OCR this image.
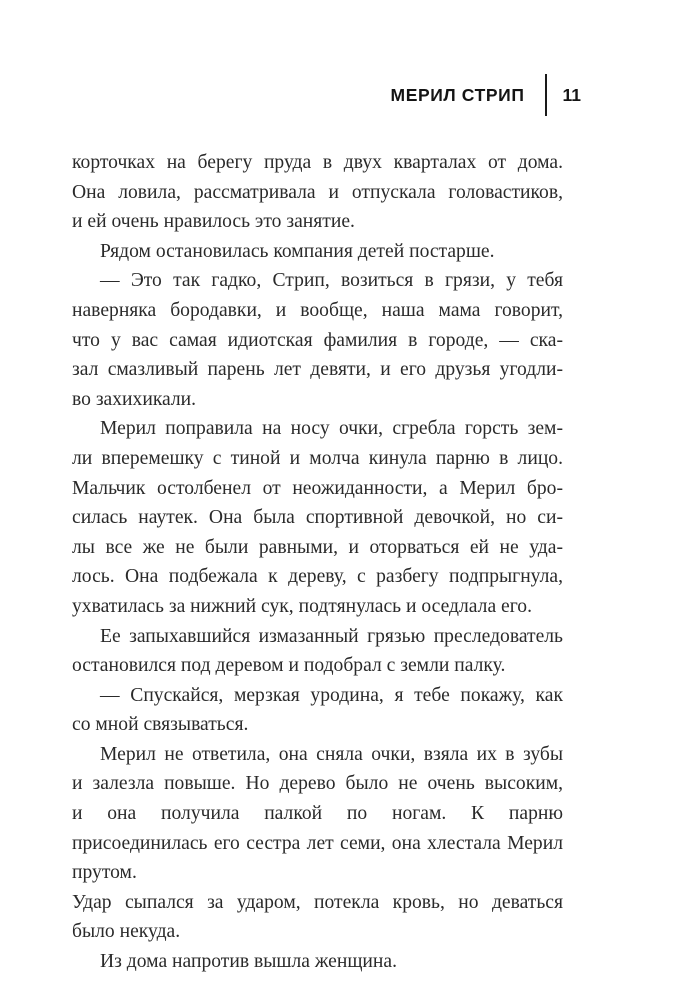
МЕРИЛ СТРИП 11
корточках на берегу пруда в двух кварталах от дома.
Она ловила, рассматривала и отпускала головастиков,
и ей очень нравилось это занятие.
Рядом остановилась компания детей постарше.
— Это так гадко, Стрип, возиться в грязи, у тебя
наверняка бородавки, и вообще, наша мама говорит,
что у вас самая идиотская фамилия в городе, — ска-
зал смазливый парень лет девяти, и его друзья угодли-
во захихикали.
Мерил поправила на носу очки, сгребла горсть зем-
ли вперемешку с тиной и молча кинула парню в лицо.
Мальчик остолбенел от неожиданности, а Мерил бро-
силась наутек. Она была спортивной девочкой, но си-
лы все же не были равными, и оторваться ей не уда-
лось. Она подбежала к дереву, с разбегу подпрыгнула,
ухватилась за нижний сук, подтянулась и оседлала его.
Ее запыхавшийся измазанный грязью преследователь
остановился под деревом и подобрал с земли палку.
— Спускайся, мерзкая уродина, я тебе покажу, как
со мной связываться.
Мерил не ответила, она сняла очки, взяла их в зубы
и залезла повыше. Но дерево было не очень высоким,
и она получила палкой по ногам. К парню присоединилась его сестра лет семи, она хлестала Мерил прутом.
Удар сыпался за ударом, потекла кровь, но деваться
было некуда.
Из дома напротив вышла женщина.
